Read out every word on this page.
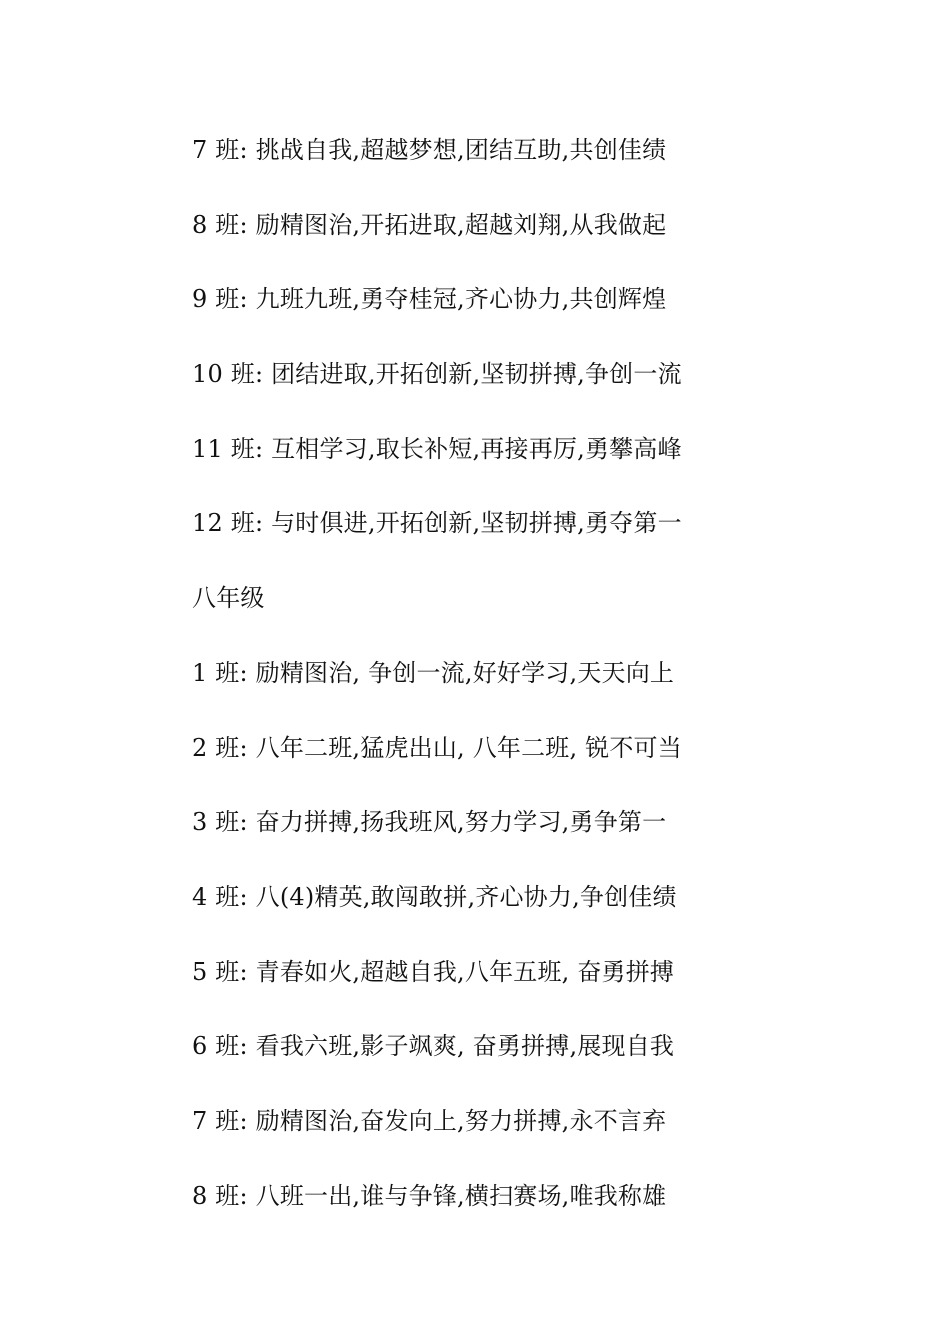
7 班: 挑战自我,超越梦想,团结互助,共创佳绩
8 班: 励精图治,开拓进取,超越刘翔,从我做起
9 班: 九班九班,勇夺桂冠,齐心协力,共创辉煌
10 班: 团结进取,开拓创新,坚韧拼搏,争创一流
11 班: 互相学习,取长补短,再接再厉,勇攀高峰
12 班: 与时俱进,开拓创新,坚韧拼搏,勇夺第一
八年级
1 班: 励精图治, 争创一流,好好学习,天天向上
2 班: 八年二班,猛虎出山, 八年二班, 锐不可当
3 班: 奋力拼搏,扬我班风,努力学习,勇争第一
4 班: 八(4)精英,敢闯敢拼,齐心协力,争创佳绩
5 班: 青春如火,超越自我,八年五班, 奋勇拼搏
6 班: 看我六班,影子飒爽, 奋勇拼搏,展现自我
7 班: 励精图治,奋发向上,努力拼搏,永不言弃
8 班: 八班一出,谁与争锋,横扫赛场,唯我称雄
